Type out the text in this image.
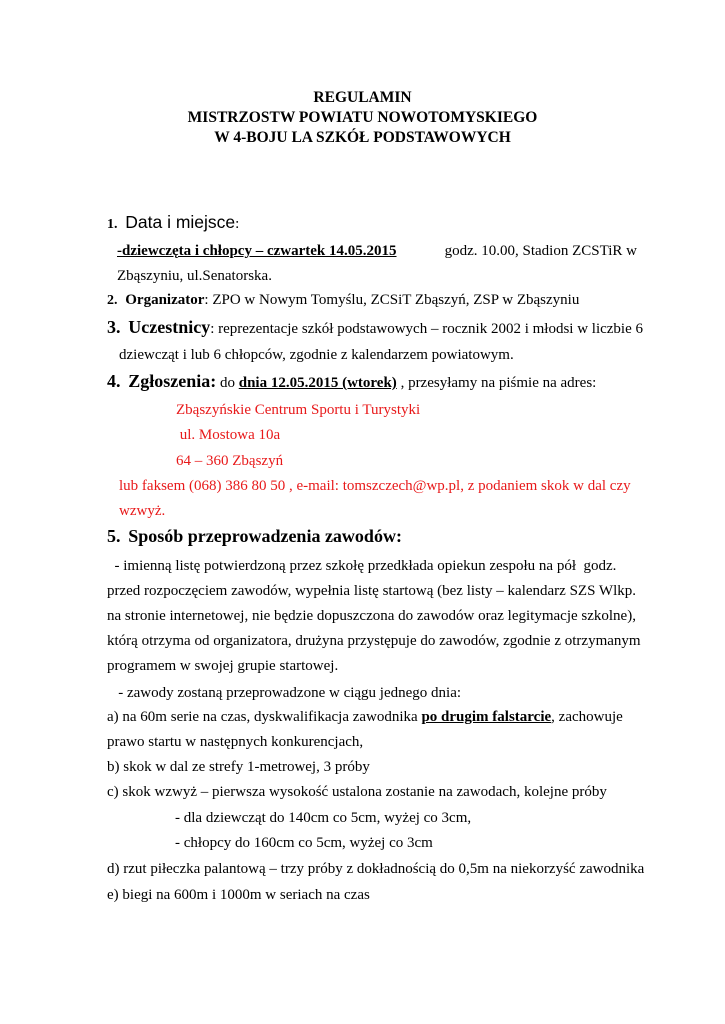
REGULAMIN
MISTRZOSTW POWIATU NOWOTOMYSKIEGO
W 4-BOJU LA SZKÓŁ PODSTAWOWYCH
1. Data i miejsce:
-dziewczęta i chłopcy – czwartek 14.05.2015	godz. 10.00, Stadion ZCSTiR w
Zbąszyniu, ul.Senatorska.
2. Organizator: ZPO w Nowym Tomyślu, ZCSiT Zbąszyń, ZSP w Zbąszyniu
3. Uczestnicy: reprezentacje szkół podstawowych – rocznik 2002 i młodsi w liczbie 6
dziewcząt i lub 6 chłopców, zgodnie z kalendarzem powiatowym.
4. Zgłoszenia: do dnia 12.05.2015 (wtorek) , przesyłamy na piśmie na adres:
Zbąszyńskie Centrum Sportu i Turystyki
ul. Mostowa 10a
64 – 360 Zbąszyń
lub faksem (068) 386 80 50 , e-mail: tomszczech@wp.pl, z podaniem skok w dal czy
wzwyż.
5. Sposób przeprowadzenia zawodów:
- imienną listę potwierdzoną przez szkołę przedkłada opiekun zespołu na pół  godz.
przed rozpoczęciem zawodów, wypełnia listę startową (bez listy – kalendarz SZS Wlkp.
na stronie internetowej, nie będzie dopuszczona do zawodów oraz legitymacje szkolne),
którą otrzyma od organizatora, drużyna przystępuje do zawodów, zgodnie z otrzymanym
programem w swojej grupie startowej.
- zawody zostaną przeprowadzone w ciągu jednego dnia:
a) na 60m serie na czas, dyskwalifikacja zawodnika po drugim falstarcie, zachowuje
prawo startu w następnych konkurencjach,
b) skok w dal ze strefy 1-metrowej, 3 próby
c) skok wzwyż – pierwsza wysokość ustalona zostanie na zawodach, kolejne próby
- dla dziewcząt do 140cm co 5cm, wyżej co 3cm,
- chłopcy do 160cm co 5cm, wyżej co 3cm
d) rzut piłeczka palantową – trzy próby z dokładnością do 0,5m na niekorzyść zawodnika
e) biegi na 600m i 1000m w seriach na czas
